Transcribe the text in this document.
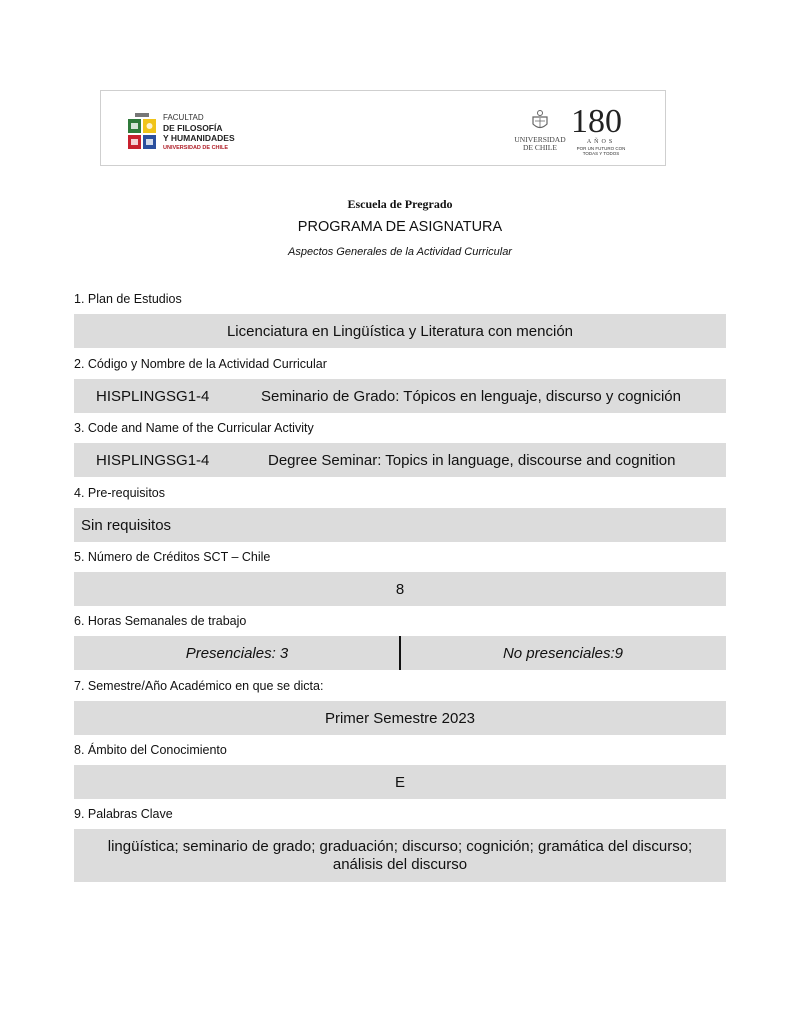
FACULTAD
DE FILOSOFÍA
Y HUMANIDADES
UNIVERSIDAD DE CHILE
UNIVERSIDAD
DE CHILE
180
AÑOS
POR UN FUTURO CON
TODAS Y TODOS
Escuela de Pregrado
PROGRAMA DE ASIGNATURA
Aspectos Generales de la Actividad Curricular
1. Plan de Estudios
Licenciatura en Lingüística y Literatura con mención
2. Código y Nombre de la Actividad Curricular
HISPLINGSG1-4	Seminario de Grado: Tópicos en lenguaje, discurso y cognición
3. Code and Name of the Curricular Activity
HISPLINGSG1-4	Degree Seminar: Topics in language, discourse and cognition
4. Pre-requisitos
Sin requisitos
5. Número de Créditos SCT – Chile
8
6. Horas Semanales de trabajo
Presenciales: 3	No presenciales:9
7. Semestre/Año Académico en que se dicta:
Primer Semestre 2023
8. Ámbito del Conocimiento
E
9. Palabras Clave
lingüística; seminario de grado; graduación; discurso; cognición; gramática del discurso;
análisis del discurso
